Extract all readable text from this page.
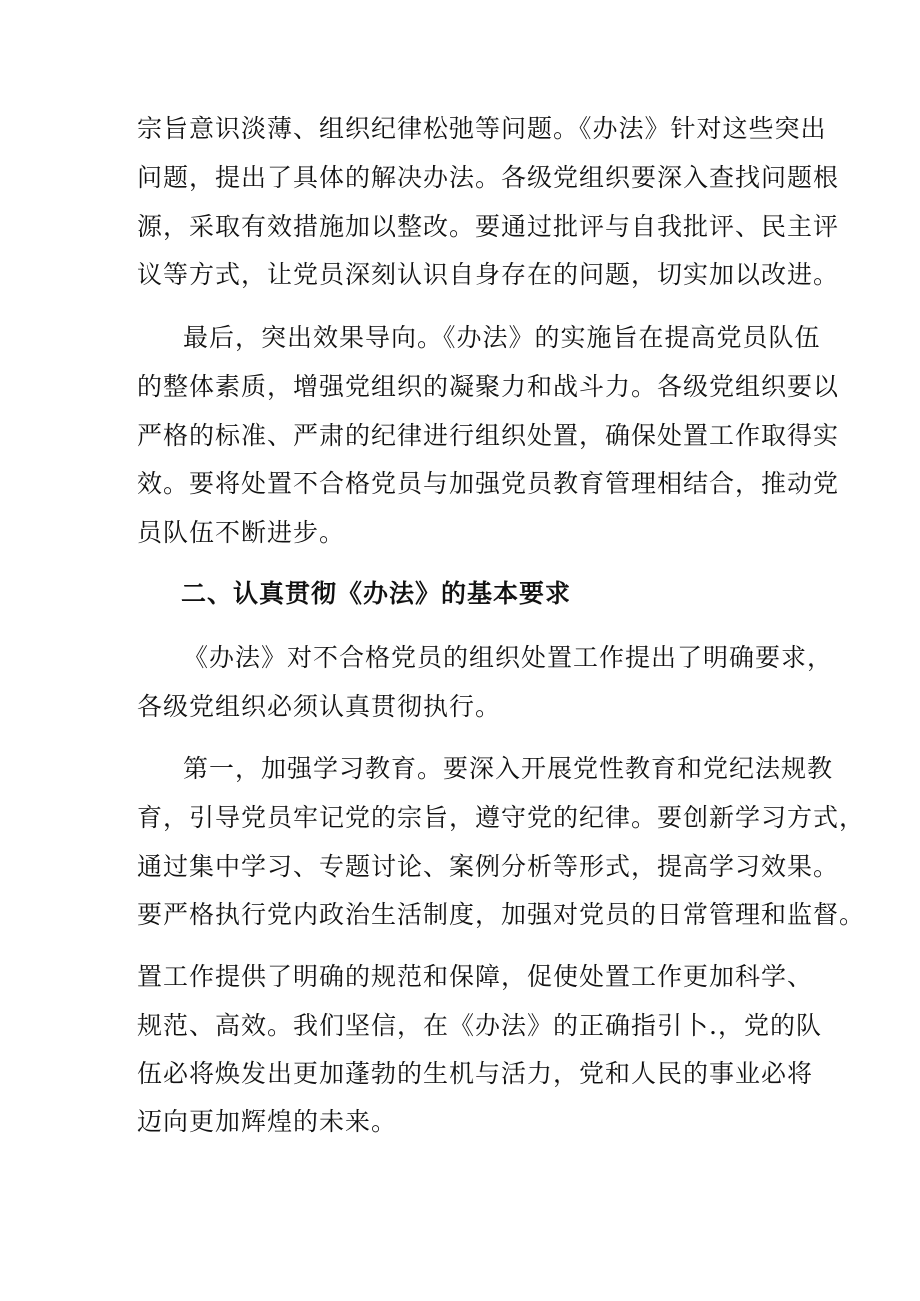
宗旨意识淡薄、组织纪律松弛等问题。《办法》针对这些突出
问题，提出了具体的解决办法。各级党组织要深入查找问题根
源，采取有效措施加以整改。要通过批评与自我批评、民主评
议等方式，让党员深刻认识自身存在的问题，切实加以改进。
最后，突出效果导向。《办法》的实施旨在提高党员队伍
的整体素质，增强党组织的凝聚力和战斗力。各级党组织要以
严格的标准、严肃的纪律进行组织处置，确保处置工作取得实
效。要将处置不合格党员与加强党员教育管理相结合，推动党
员队伍不断进步。
二、认真贯彻《办法》的基本要求
《办法》对不合格党员的组织处置工作提出了明确要求，
各级党组织必须认真贯彻执行。
第一，加强学习教育。要深入开展党性教育和党纪法规教
育，引导党员牢记党的宗旨，遵守党的纪律。要创新学习方式，
通过集中学习、专题讨论、案例分析等形式，提高学习效果。
要严格执行党内政治生活制度，加强对党员的日常管理和监督。
置工作提供了明确的规范和保障，促使处置工作更加科学、
规范、高效。我们坚信，在《办法》的正确指引卜.，党的队
伍必将焕发出更加蓬勃的生机与活力，党和人民的事业必将
迈向更加辉煌的未来。
